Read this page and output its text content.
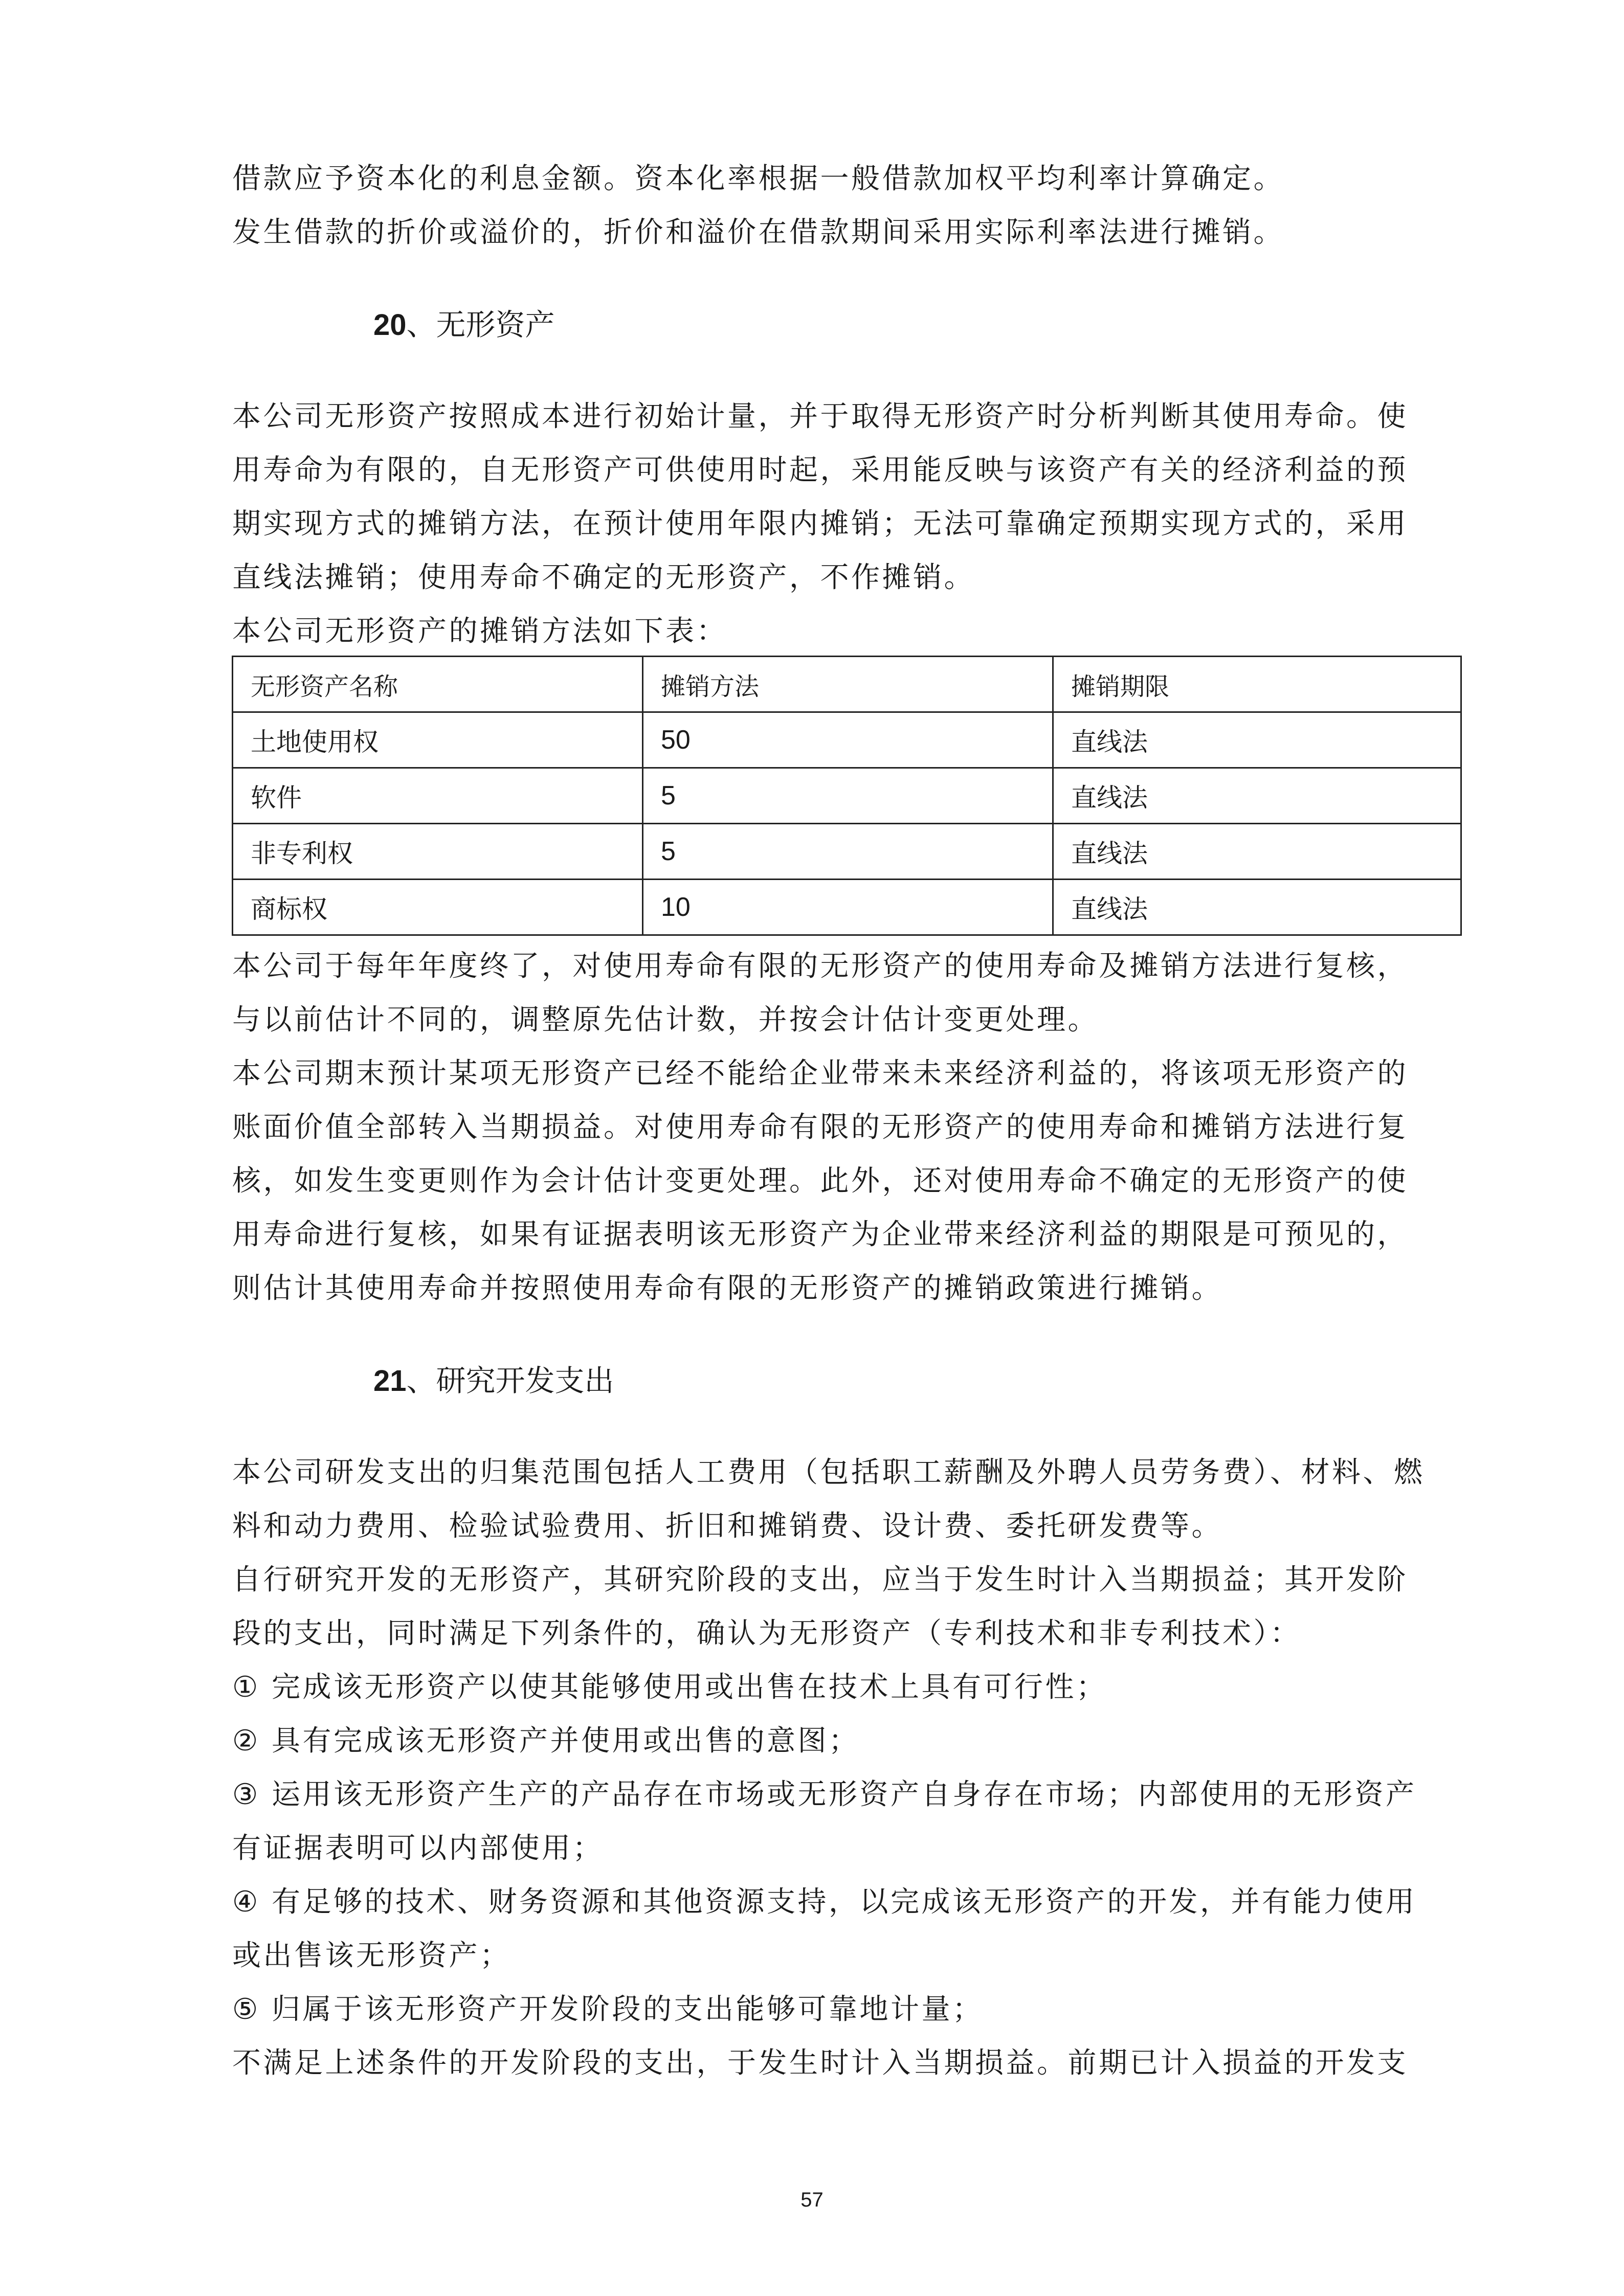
借款应予资本化的利息金额。资本化率根据一般借款加权平均利率计算确定。
发生借款的折价或溢价的，折价和溢价在借款期间采用实际利率法进行摊销。
20、无形资产
本公司无形资产按照成本进行初始计量，并于取得无形资产时分析判断其使用寿命。使
用寿命为有限的，自无形资产可供使用时起，采用能反映与该资产有关的经济利益的预
期实现方式的摊销方法，在预计使用年限内摊销；无法可靠确定预期实现方式的，采用
直线法摊销；使用寿命不确定的无形资产，不作摊销。
本公司无形资产的摊销方法如下表：
无形资产名称	摊销方法	摊销期限
土地使用权	50	直线法
软件	5	直线法
非专利权	5	直线法
商标权	10	直线法
本公司于每年年度终了，对使用寿命有限的无形资产的使用寿命及摊销方法进行复核，
与以前估计不同的，调整原先估计数，并按会计估计变更处理。
本公司期末预计某项无形资产已经不能给企业带来未来经济利益的，将该项无形资产的
账面价值全部转入当期损益。对使用寿命有限的无形资产的使用寿命和摊销方法进行复
核，如发生变更则作为会计估计变更处理。此外，还对使用寿命不确定的无形资产的使
用寿命进行复核，如果有证据表明该无形资产为企业带来经济利益的期限是可预见的，
则估计其使用寿命并按照使用寿命有限的无形资产的摊销政策进行摊销。
21、研究开发支出
本公司研发支出的归集范围包括人工费用（包括职工薪酬及外聘人员劳务费）、材料、燃
料和动力费用、检验试验费用、折旧和摊销费、设计费、委托研发费等。
自行研究开发的无形资产，其研究阶段的支出，应当于发生时计入当期损益；其开发阶
段的支出，同时满足下列条件的，确认为无形资产（专利技术和非专利技术）：
① 完成该无形资产以使其能够使用或出售在技术上具有可行性；
② 具有完成该无形资产并使用或出售的意图；
③ 运用该无形资产生产的产品存在市场或无形资产自身存在市场；内部使用的无形资产
有证据表明可以内部使用；
④ 有足够的技术、财务资源和其他资源支持，以完成该无形资产的开发，并有能力使用
或出售该无形资产；
⑤ 归属于该无形资产开发阶段的支出能够可靠地计量；
不满足上述条件的开发阶段的支出，于发生时计入当期损益。前期已计入损益的开发支
57
